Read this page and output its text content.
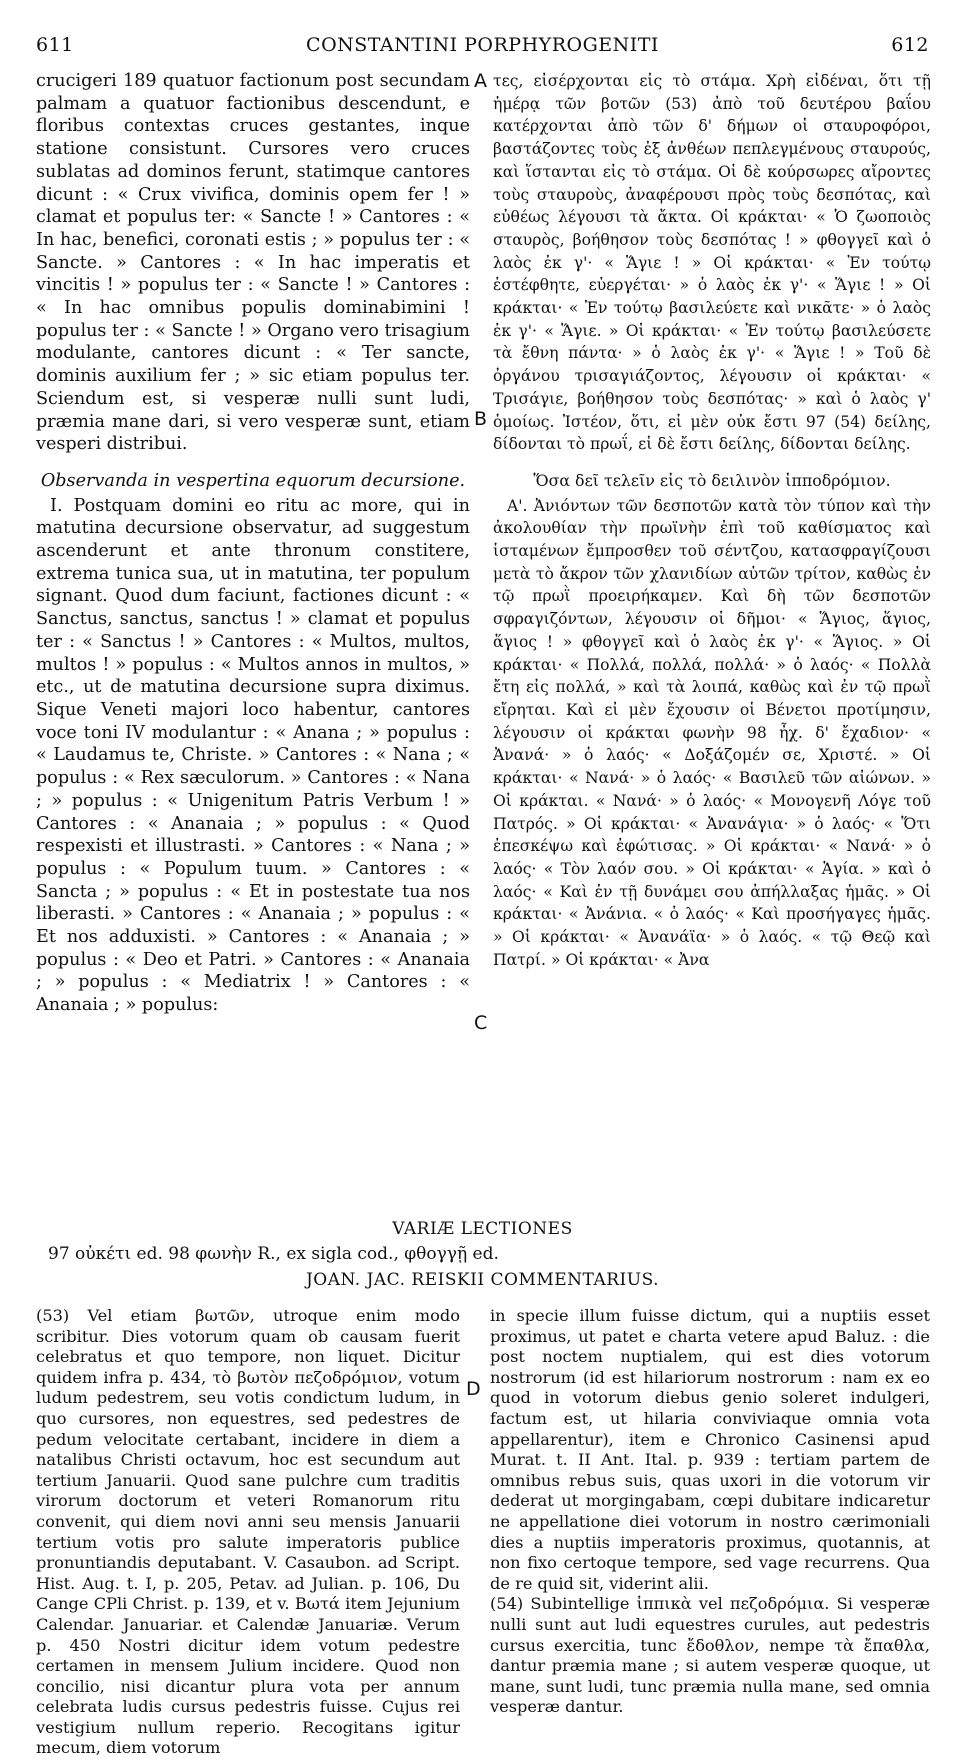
611	CONSTANTINI PORPHYROGENITI	612

crucigeri 189 quatuor factionum post secundam palmam a quatuor factionibus descendunt, e floribus contextas cruces gestantes, inque statione consistunt. Cursores vero cruces sublatas ad dominos ferunt, statimque cantores dicunt : « Crux vivifica, dominis opem fer ! » clamat et populus ter: « Sancte ! » Cantores : « In hac, benefici, coronati estis ; » populus ter : « Sancte. » Cantores : « In hac imperatis et vincitis ! » populus ter : « Sancte ! » Cantores : « In hac omnibus populis dominabimini ! populus ter : « Sancte ! » Organo vero trisagium modulante, cantores dicunt : « Ter sancte, dominis auxilium fer ; » sic etiam populus ter. Sciendum est, si vesperæ nulli sunt ludi, præmia mane dari, si vero vesperæ sunt, etiam vesperi distribui.

Observanda in vespertina equorum decursione.

I. Postquam domini eo ritu ac more, qui in matutina decursione observatur, ad suggestum ascenderunt et ante thronum constitere, extrema tunica sua, ut in matutina, ter populum signant. Quod dum faciunt, factiones dicunt : « Sanctus, sanctus, sanctus ! » clamat et populus ter : « Sanctus ! » Cantores : « Multos, multos, multos ! » populus : « Multos annos in multos, » etc., ut de matutina decursione supra diximus. Sique Veneti majori loco habentur, cantores voce toni IV modulantur : « Anana ; » populus : « Laudamus te, Christe. » Cantores : « Nana ; « populus : « Rex sæculorum. » Cantores : « Nana ; » populus : « Unigenitum Patris Verbum ! » Cantores : « Ananaia ; » populus : « Quod respexisti et illustrasti. » Cantores : « Nana ; » populus : « Populum tuum. » Cantores : « Sancta ; » populus : « Et in postestate tua nos liberasti. » Cantores : « Ananaia ; » populus : « Et nos adduxisti. » Cantores : « Ananaia ; » populus : « Deo et Patri. » Cantores : « Ananaia ; » populus : « Mediatrix ! » Cantores : « Ananaia ; » populus:

A
B
C
D

τες, εἰσέρχονται εἰς τὸ στάμα. Χρὴ εἰδέναι, ὅτι τῇ ἡμέρᾳ τῶν βοτῶν (53) ἀπὸ τοῦ δευτέρου βαΐου κατέρχονται ἀπὸ τῶν δ' δήμων οἱ σταυροφόροι, βαστάζοντες τοὺς ἐξ ἀνθέων πεπλεγμένους σταυρούς, καὶ ἵστανται εἰς τὸ στάμα. Οἱ δὲ κούρσωρες αἴροντες τοὺς σταυροὺς, ἀναφέρουσι πρὸς τοὺς δεσπότας, καὶ εὐθέως λέγουσι τὰ ἄκτα. Οἱ κράκται· « Ὁ ζωοποιὸς σταυρὸς, βοήθησον τοὺς δεσπότας ! » φθογγεῖ καὶ ὁ λαὸς ἐκ γ'· « Ἅγιε ! » Οἱ κράκται· « Ἐν τούτῳ ἐστέφθητε, εὐεργέται· » ὁ λαὸς ἐκ γ'· « Ἅγιε ! » Οἱ κράκται· « Ἐν τούτῳ βασιλεύετε καὶ νικᾶτε· » ὁ λαὸς ἐκ γ'· « Ἅγιε. » Οἱ κράκται· « Ἐν τούτῳ βασιλεύσετε τὰ ἔθνη πάντα· » ὁ λαὸς ἐκ γ'· « Ἅγιε ! » Τοῦ δὲ ὀργάνου τρισαγιάζοντος, λέγουσιν οἱ κράκται· « Τρισάγιε, βοήθησον τοὺς δεσπότας· » καὶ ὁ λαὸς γ' ὁμοίως. Ἰστέον, ὅτι, εἰ μὲν οὐκ ἔστι 97 (54) δείλης, δίδονται τὸ πρωΐ, εἰ δὲ ἔστι δείλης, δίδονται δείλης.

Ὅσα δεῖ τελεῖν εἰς τὸ δειλινὸν ἱπποδρόμιον.

Α'. Ἀνιόντων τῶν δεσποτῶν κατὰ τὸν τύπον καὶ τὴν ἀκολουθίαν τὴν πρωϊνὴν ἐπὶ τοῦ καθίσματος καὶ ἱσταμένων ἔμπροσθεν τοῦ σέντζου, κατασφραγίζουσι μετὰ τὸ ἄκρον τῶν χλανιδίων αὐτῶν τρίτον, καθὼς ἐν τῷ πρωῒ προειρήκαμεν. Καὶ δὴ τῶν δεσποτῶν σφραγιζόντων, λέγουσιν οἱ δῆμοι· « Ἅγιος, ἅγιος, ἅγιος ! » φθογγεῖ καὶ ὁ λαὸς ἐκ γ'· « Ἅγιος. » Οἱ κράκται· « Πολλά, πολλά, πολλά· » ὁ λαός· « Πολλὰ ἔτη εἰς πολλά, » καὶ τὰ λοιπά, καθὼς καὶ ἐν τῷ πρωῒ εἴρηται. Καὶ εἰ μὲν ἔχουσιν οἱ Βένετοι προτίμησιν, λέγουσιν οἱ κράκται φωνὴν 98 ἦχ. δ' ἔχαδιον· « Ἀνανά· » ὁ λαός· « Δοξάζομέν σε, Χριστέ. » Οἱ κράκται· « Νανά· » ὁ λαός· « Βασιλεῦ τῶν αἰώνων. » Οἱ κράκται. « Νανά· » ὁ λαός· « Μονογενῆ Λόγε τοῦ Πατρός. » Οἱ κράκται· « Ἀνανάγια· » ὁ λαός· « Ὅτι ἐπεσκέψω καὶ ἐφώτισας. » Οἱ κράκται· « Νανά· » ὁ λαός· « Τὸν λαόν σου. » Οἱ κράκται· « Ἁγία. » καὶ ὁ λαός· « Καὶ ἐν τῇ δυνάμει σου ἀπήλλαξας ἡμᾶς. » Οἱ κράκται· « Ἀνάνια. « ὁ λαός· « Καὶ προσήγαγες ἡμᾶς. » Οἱ κράκται· « Ἀνανάϊα· » ὁ λαός. « τῷ Θεῷ καὶ Πατρί. » Οἱ κράκται· « Ἀνα

VARIÆ LECTIONES
97 οὐκέτι ed. 98 φωνὴν R., ex sigla cod., φθογγῇ ed.
JOAN. JAC. REISKII COMMENTARIUS.

(53) Vel etiam βωτῶν, utroque enim modo scribitur. Dies votorum quam ob causam fuerit celebratus et quo tempore, non liquet. Dicitur quidem infra p. 434, τὸ βωτὸν πεζοδρόμιον, votum ludum pedestrem, seu votis condictum ludum, in quo cursores, non equestres, sed pedestres de pedum velocitate certabant, incidere in diem a natalibus Christi octavum, hoc est secundum aut tertium Januarii. Quod sane pulchre cum traditis virorum doctorum et veteri Romanorum ritu convenit, qui diem novi anni seu mensis Januarii tertium votis pro salute imperatoris publice pronuntiandis deputabant. V. Casaubon. ad Script. Hist. Aug. t. I, p. 205, Petav. ad Julian. p. 106, Du Cange CPli Christ. p. 139, et v. Βωτά item Jejunium Calendar. Januariar. et Calendæ Januariæ. Verum p. 450 Nostri dicitur idem votum pedestre certamen in mensem Julium incidere. Quod non concilio, nisi dicantur plura vota per annum celebrata ludis cursus pedestris fuisse. Cujus rei vestigium nullum reperio. Recogitans igitur mecum, diem votorum

in specie illum fuisse dictum, qui a nuptiis esset proximus, ut patet e charta vetere apud Baluz. : die post noctem nuptialem, qui est dies votorum nostrorum (id est hilariorum nostrorum : nam ex eo quod in votorum diebus genio soleret indulgeri, factum est, ut hilaria conviviaque omnia vota appellarentur), item e Chronico Casinensi apud Murat. t. II Ant. Ital. p. 939 : tertiam partem de omnibus rebus suis, quas uxori in die votorum vir dederat ut morgingabam, cœpi dubitare indicaretur ne appellatione diei votorum in nostro cærimoniali dies a nuptiis imperatoris proximus, quotannis, at non fixo certoque tempore, sed vage recurrens. Qua de re quid sit, viderint alii.

(54) Subintellige ἱππικὰ vel πεζοδρόμια. Si vesperæ nulli sunt aut ludi equestres curules, aut pedestris cursus exercitia, tunc ἔδοθλον, nempe τὰ ἔπαθλα, dantur præmia mane ; si autem vesperæ quoque, ut mane, sunt ludi, tunc præmia nulla mane, sed omnia vesperæ dantur.
